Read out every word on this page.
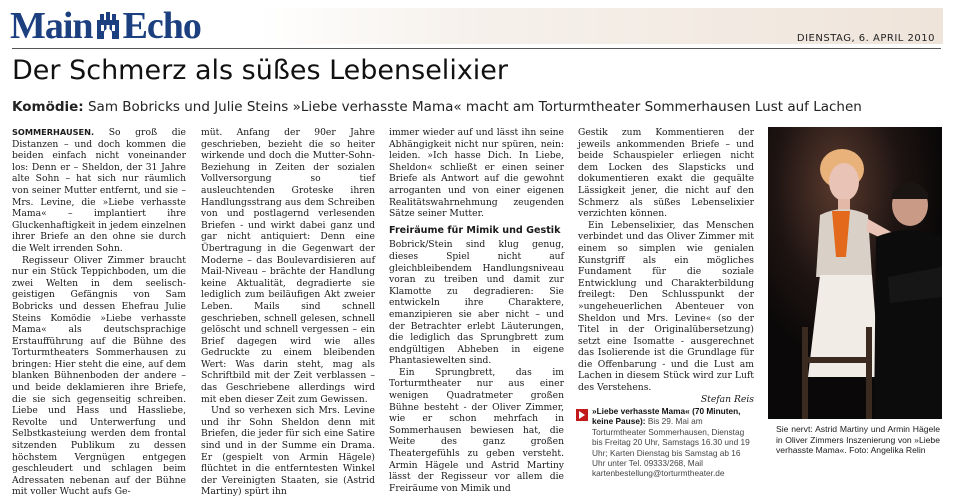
Main Echo	DIENSTAG, 6. APRIL 2010
Der Schmerz als süßes Lebenselixier
Komödie: Sam Bobricks und Julie Steins »Liebe verhasste Mama« macht am Torturmtheater Sommerhausen Lust auf Lachen

SOMMERHAUSEN. So groß die Distanzen – und doch kommen die beiden einfach nicht voneinander los: Denn er – Sheldon, der 31 Jahre alte Sohn – hat sich nur räumlich von seiner Mutter entfernt, und sie – Mrs. Levine, die »Liebe verhasste Mama« – implantiert ihre Gluckenhaftigkeit in jedem einzelnen ihrer Briefe an den ohne sie durch die Welt irrenden Sohn.

Regisseur Oliver Zimmer braucht nur ein Stück Teppichboden, um die zwei Welten in dem seelisch-geistigen Gefängnis von Sam Bobricks und dessen Ehefrau Julie Steins Komödie »Liebe verhasste Mama« als deutschsprachige Erstaufführung auf die Bühne des Torturmtheaters Sommerhausen zu bringen: Hier steht die eine, auf dem blanken Bühnenboden der andere – und beide deklamieren ihre Briefe, die sie sich gegenseitig schreiben. Liebe und Hass und Hassliebe, Revolte und Unterwerfung und Selbstkasteiung werden dem frontal sitzenden Publikum zu dessen höchstem Vergnügen entgegen geschleudert und schlagen beim Adressaten nebenan auf der Bühne mit voller Wucht aufs Ge-

müt. Anfang der 90er Jahre geschrieben, bezieht die so heiter wirkende und doch die Mutter-Sohn-Beziehung in Zeiten der sozialen Vollversorgung so tief ausleuchtenden Groteske ihren Handlungsstrang aus dem Schreiben von und postlagernd verlesenden Briefen - und wirkt dabei ganz und gar nicht antiquiert: Denn eine Übertragung in die Gegenwart der Moderne – das Boulevardisieren auf Mail-Niveau – brächte der Handlung keine Aktualität, degradierte sie lediglich zum beiläufigen Akt zweier Leben. Mails sind schnell geschrieben, schnell gelesen, schnell gelöscht und schnell vergessen – ein Brief dagegen wird wie alles Gedruckte zu einem bleibenden Wert: Was darin steht, mag als Schriftbild mit der Zeit verblassen – das Geschriebene allerdings wird mit eben dieser Zeit zum Gewissen.

Und so verhexen sich Mrs. Levine und ihr Sohn Sheldon denn mit Briefen, die jeder für sich eine Satire sind und in der Summe ein Drama. Er (gespielt von Armin Hägele) flüchtet in die entferntesten Winkel der Vereinigten Staaten, sie (Astrid Martiny) spürt ihn

immer wieder auf und lässt ihn seine Abhängigkeit nicht nur spüren, nein: leiden. »Ich hasse Dich. In Liebe, Sheldon« schließt er einen seiner Briefe als Antwort auf die gewohnt arroganten und von einer eigenen Realitätswahrnehmung zeugenden Sätze seiner Mutter.

Freiräume für Mimik und Gestik

Bobrick/Stein sind klug genug, dieses Spiel nicht auf gleichbleibendem Handlungsniveau voran zu treiben und damit zur Klamotte zu degradieren: Sie entwickeln ihre Charaktere, emanzipieren sie aber nicht – und der Betrachter erlebt Läuterungen, die lediglich das Sprungbrett zum endgültigen Abheben in eigene Phantasiewelten sind.

Ein Sprungbrett, das im Torturmtheater nur aus einer wenigen Quadratmeter großen Bühne besteht - der Oliver Zimmer, wie er schon mehrfach in Sommerhausen bewiesen hat, die Weite des ganz großen Theatergefühls zu geben versteht. Armin Hägele und Astrid Martiny lässt der Regisseur vor allem die Freiräume von Mimik und

Gestik zum Kommentieren der jeweils ankommenden Briefe – und beide Schauspieler erliegen nicht dem Locken des Slapsticks und dokumentieren exakt die gequälte Lässigkeit jener, die nicht auf den Schmerz als süßes Lebenselixier verzichten können.

Ein Lebenselixier, das Menschen verbindet und das Oliver Zimmer mit einem so simplen wie genialen Kunstgriff als ein mögliches Fundament für die soziale Entwicklung und Charakterbildung freilegt: Den Schlusspunkt der »ungeheuerlichen Abenteuer von Sheldon und Mrs. Levine« (so der Titel in der Originalübersetzung) setzt eine Isomatte - ausgerechnet das Isolierende ist die Grundlage für die Offenbarung - und die Lust am Lachen in diesem Stück wird zur Luft des Verstehens.

Stefan Reis
»Liebe verhasste Mama« (70 Minuten, keine Pause): Bis 29. Mai am Torturmtheater Sommerhausen, Dienstag bis Freitag 20 Uhr, Samstags 16.30 und 19 Uhr; Karten Dienstag bis Samstag ab 16 Uhr unter Tel. 09333/268, Mail kartenbestellung@torturmtheater.de
Sie nervt: Astrid Martiny und Armin Hägele in Oliver Zimmers Inszenierung von »Liebe verhasste Mama«. Foto: Angelika Relin
